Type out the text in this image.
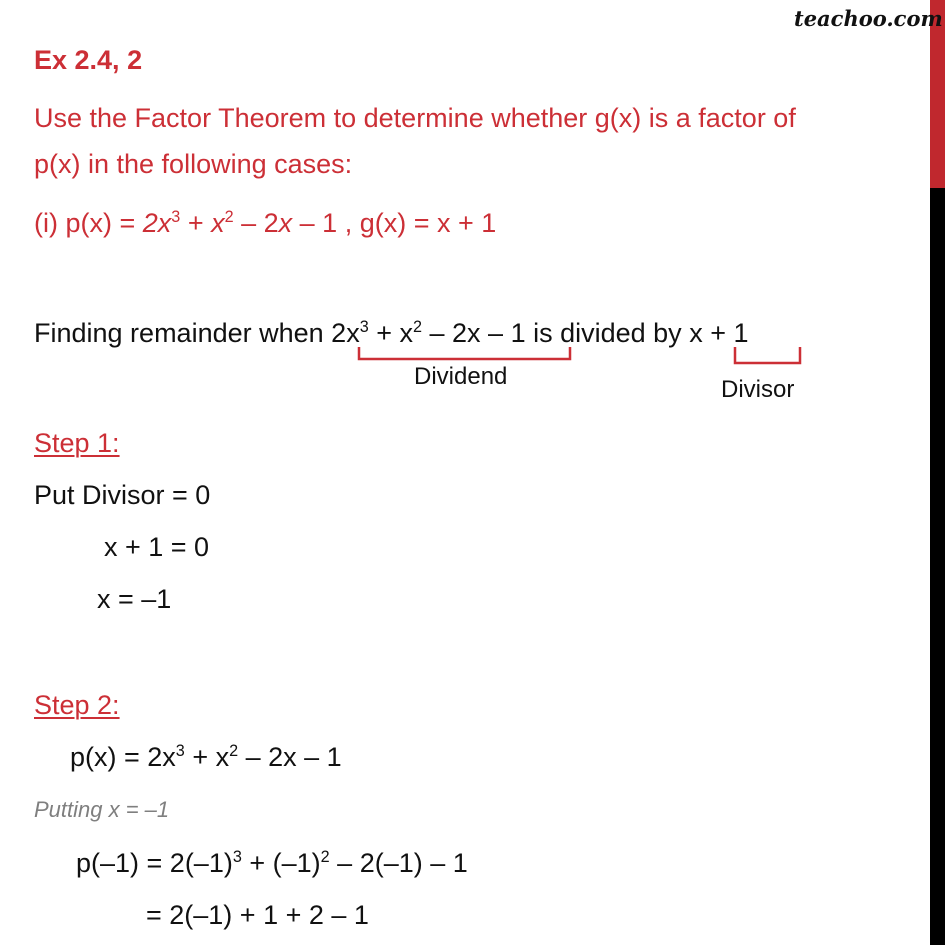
teachoo.com
Ex 2.4, 2
Use the Factor Theorem to determine whether g(x) is a factor of
p(x) in the following cases:
(i) $p(x) = 2x^3 + x^2 - 2x - 1$ , g(x) = x + 1
Finding remainder when $2x^3 + x^2 - 2x - 1$ is divided by x + 1
Dividend	Divisor
Step 1:
Put Divisor = 0
x + 1 = 0
x = –1
Step 2:
$p(x) = 2x^3 + x^2 - 2x - 1$
Putting x = –1
$p(-1) = 2(-1)^3 + (-1)^2 - 2(-1) - 1$
= 2(–1) + 1 + 2 – 1
